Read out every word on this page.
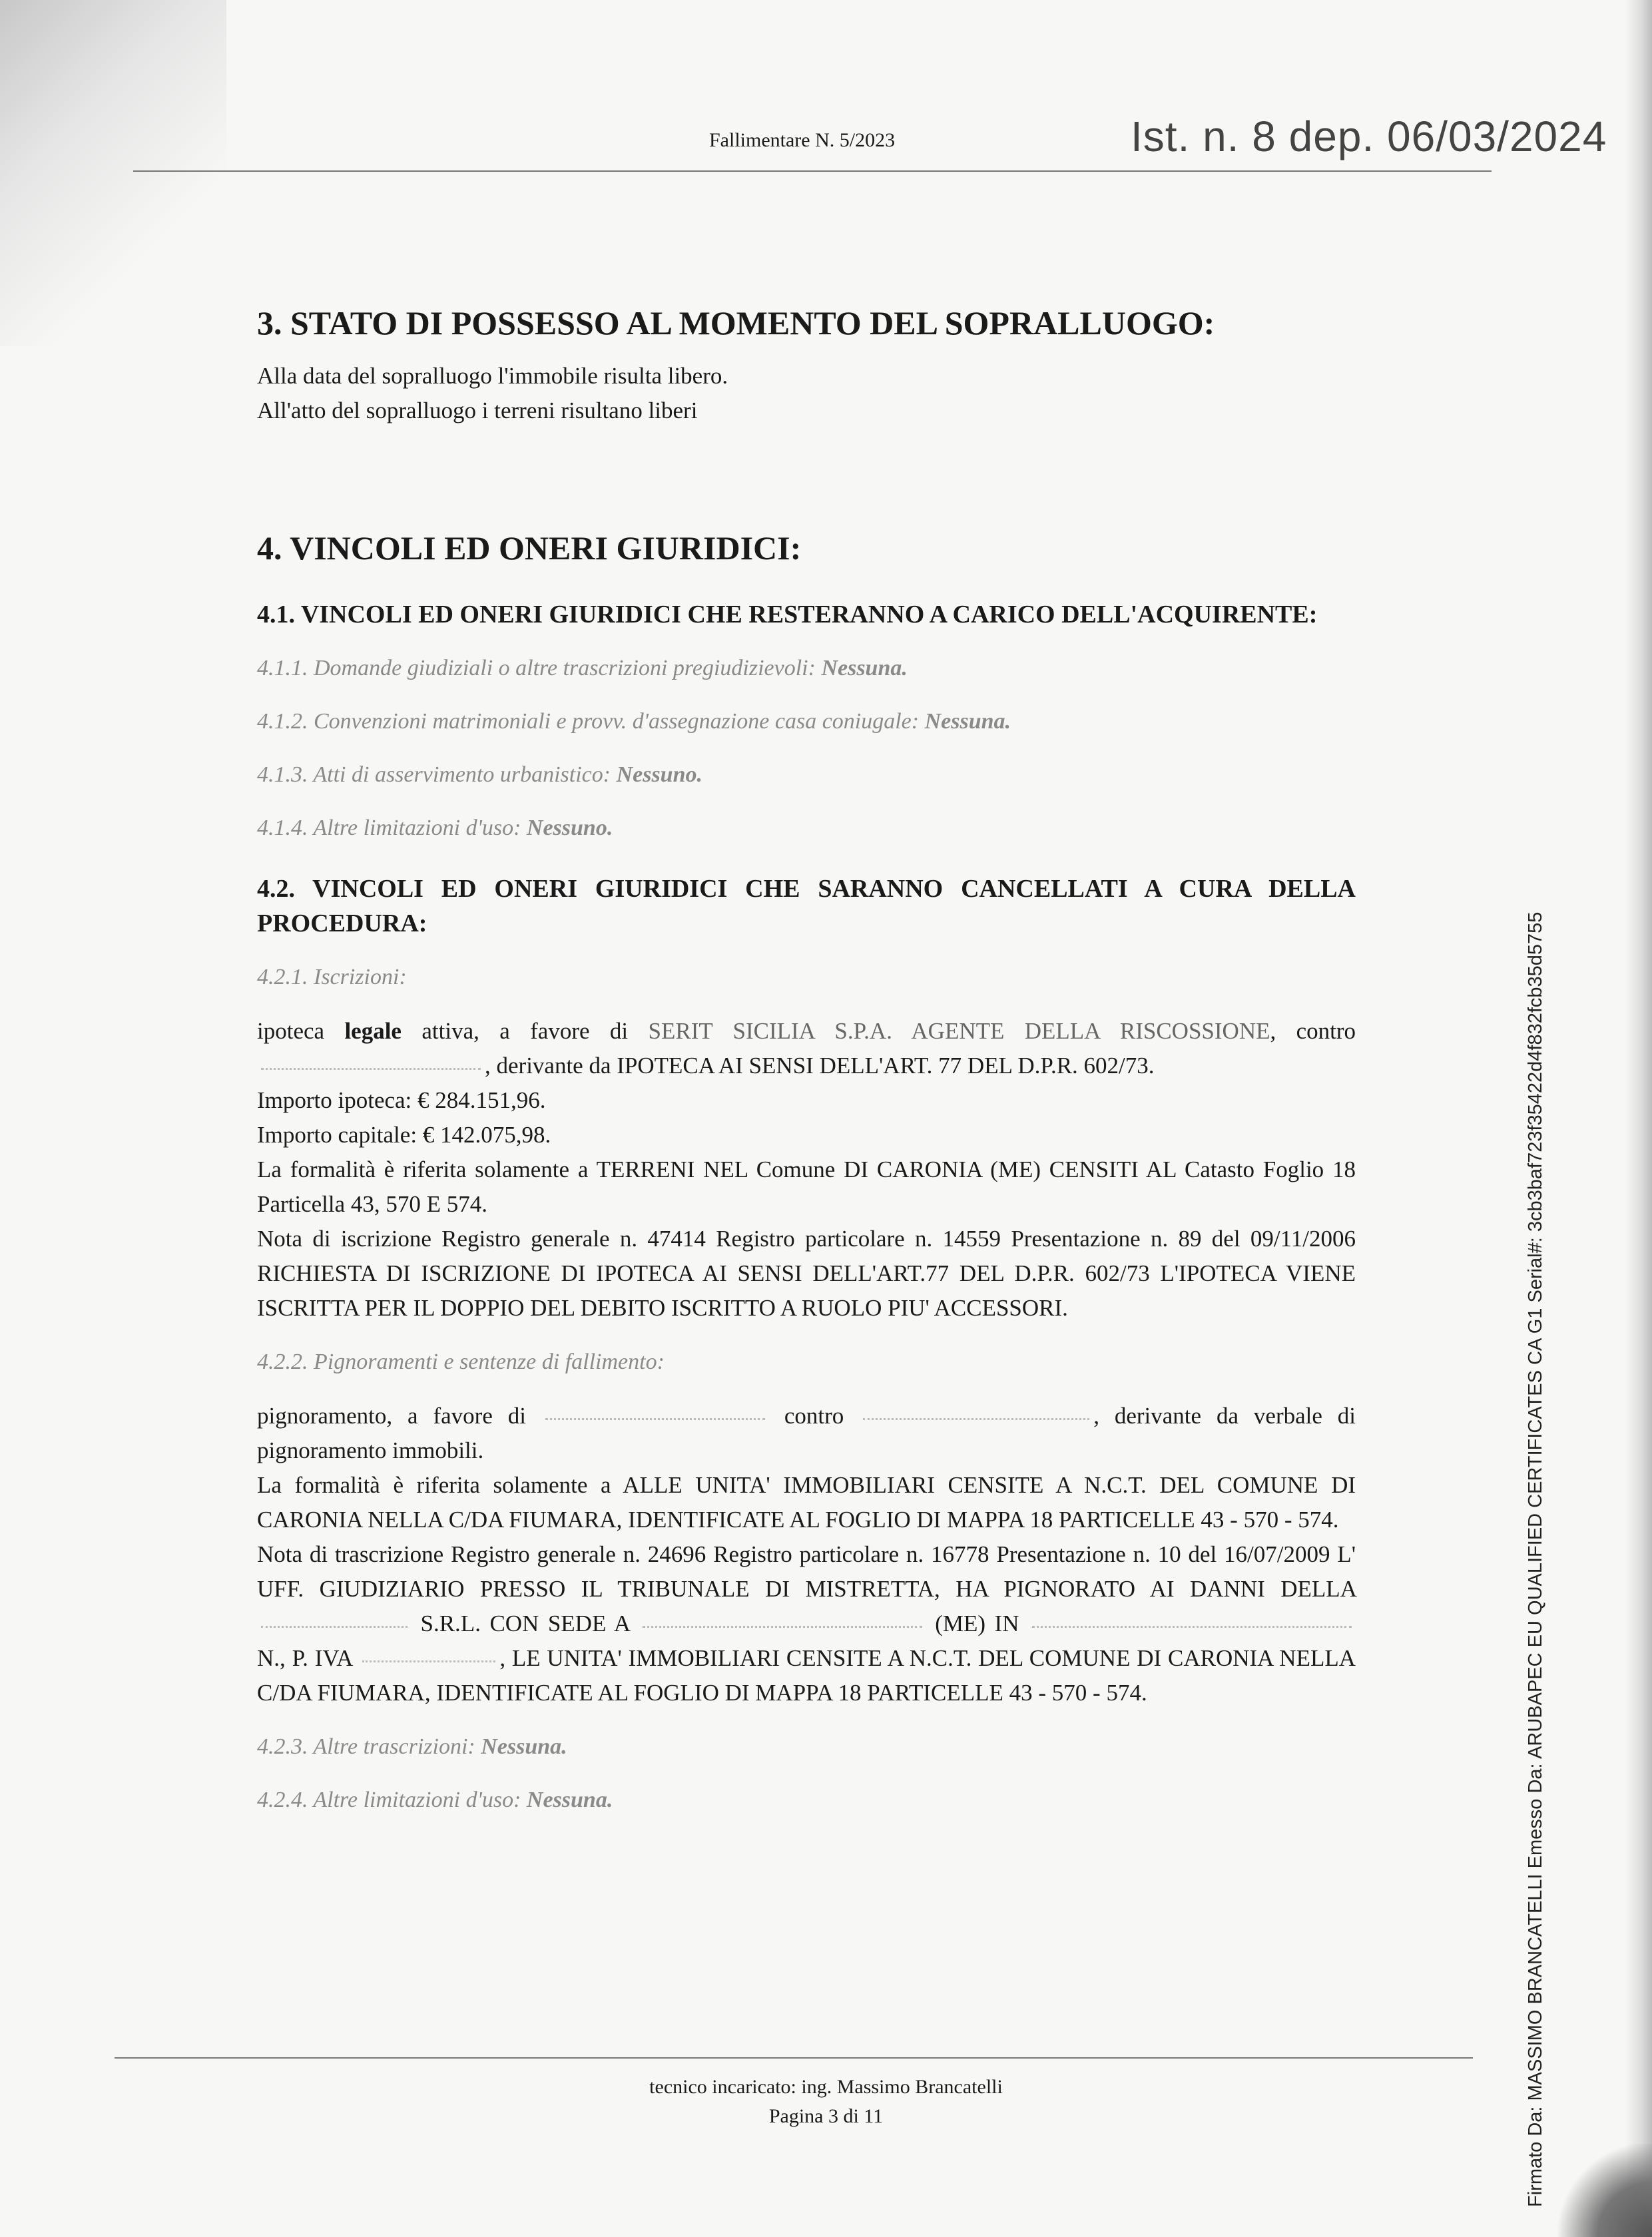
Fallimentare N. 5/2023	Ist. n. 8 dep. 06/03/2024
3. STATO DI POSSESSO AL MOMENTO DEL SOPRALLUOGO:

Alla data del sopralluogo l'immobile risulta libero.

All'atto del sopralluogo i terreni risultano liberi

4. VINCOLI ED ONERI GIURIDICI:
4.1. VINCOLI ED ONERI GIURIDICI CHE RESTERANNO A CARICO DELL'ACQUIRENTE:

4.1.1. Domande giudiziali o altre trascrizioni pregiudizievoli: Nessuna.

4.1.2. Convenzioni matrimoniali e provv. d'assegnazione casa coniugale: Nessuna.

4.1.3. Atti di asservimento urbanistico: Nessuno.

4.1.4. Altre limitazioni d'uso: Nessuno.

4.2. VINCOLI ED ONERI GIURIDICI CHE SARANNO CANCELLATI A CURA DELLA PROCEDURA:

4.2.1. Iscrizioni:

ipoteca legale attiva, a favore di SERIT SICILIA S.P.A. AGENTE DELLA RISCOSSIONE, contro , derivante da IPOTECA AI SENSI DELL'ART. 77 DEL D.P.R. 602/73.

Importo ipoteca: € 284.151,96.

Importo capitale: € 142.075,98.

La formalità è riferita solamente a TERRENI NEL Comune DI CARONIA (ME) CENSITI AL Catasto Foglio 18 Particella 43, 570 E 574.

Nota di iscrizione Registro generale n. 47414 Registro particolare n. 14559 Presentazione n. 89 del 09/11/2006 RICHIESTA DI ISCRIZIONE DI IPOTECA AI SENSI DELL'ART.77 DEL D.P.R. 602/73 L'IPOTECA VIENE ISCRITTA PER IL DOPPIO DEL DEBITO ISCRITTO A RUOLO PIU' ACCESSORI.

4.2.2. Pignoramenti e sentenze di fallimento:

pignoramento, a favore di	contro	, derivante da verbale di pignoramento immobili.

La formalità è riferita solamente a ALLE UNITA' IMMOBILIARI CENSITE A N.C.T. DEL COMUNE DI CARONIA NELLA C/DA FIUMARA, IDENTIFICATE AL FOGLIO DI MAPPA 18 PARTICELLE 43 - 570 - 574.

Nota di trascrizione Registro generale n. 24696 Registro particolare n. 16778 Presentazione n. 10 del 16/07/2009 L' UFF. GIUDIZIARIO PRESSO IL TRIBUNALE DI MISTRETTA, HA PIGNORATO AI DANNI DELLA  S.R.L. CON SEDE A	(ME) IN  N., P. IVA	, LE UNITA' IMMOBILIARI CENSITE A N.C.T. DEL COMUNE DI CARONIA NELLA C/DA FIUMARA, IDENTIFICATE AL FOGLIO DI MAPPA 18 PARTICELLE 43 - 570 - 574.

4.2.3. Altre trascrizioni: Nessuna.

4.2.4. Altre limitazioni d'uso: Nessuna.

tecnico incaricato: ing. Massimo Brancatelli
Pagina 3 di 11	Firmato Da: MASSIMO BRANCATELLI Emesso Da: ARUBAPEC EU QUALIFIED CERTIFICATES CA G1 Serial#: 3cb3baf723f35422d4f832fcb35d5755
